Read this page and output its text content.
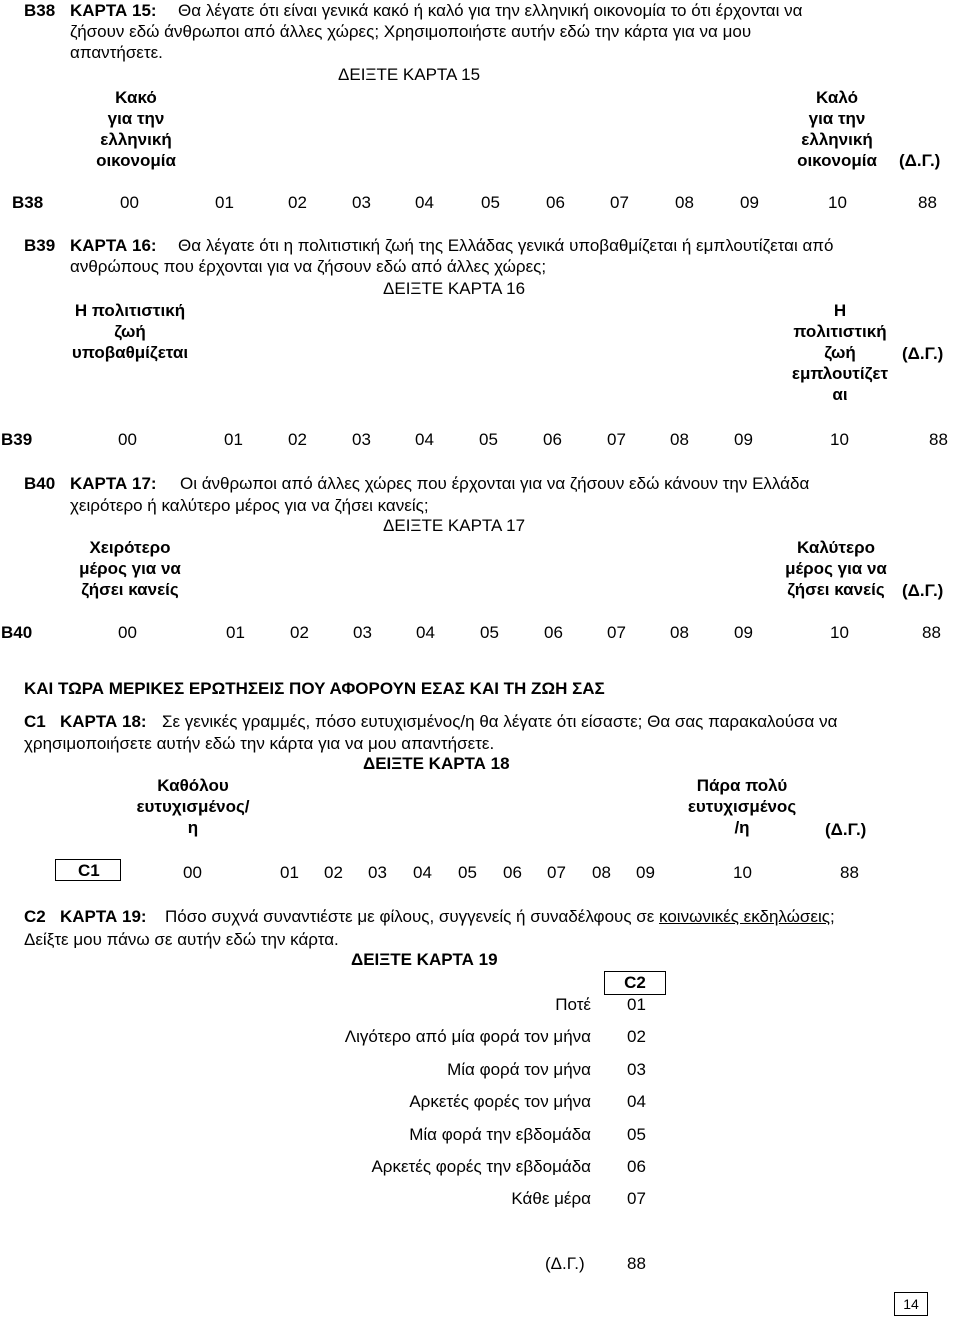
B38 ΚΑΡΤΑ 15: Θα λέγατε ότι είναι γενικά κακό ή καλό για την ελληνική οικονομία το ότι έρχονται να
ζήσουν εδώ άνθρωποι από άλλες χώρες; Χρησιμοποιήστε αυτήν εδώ την κάρτα για να μου
απαντήσετε.
ΔΕΙΞΤΕ ΚΑΡΤΑ 15
Κακό
για την
ελληνική
οικονομία
Καλό
για την
ελληνική
οικονομία	(Δ.Γ.)
B38	00	01	02	03	04	05	06	07	08	09	10	88
B39 ΚΑΡΤΑ 16: Θα λέγατε ότι η πολιτιστική ζωή της Ελλάδας γενικά υποβαθμίζεται ή εμπλουτίζεται από
ανθρώπους που έρχονται για να ζήσουν εδώ από άλλες χώρες;
ΔΕΙΞΤΕ ΚΑΡΤΑ 16
Η πολιτιστική
ζωή
υποβαθμίζεται
Η
πολιτιστική
ζωή
εμπλουτίζετ
αι
(Δ.Γ.)
B39	00	01	02	03	04	05	06	07	08	09	10	88
B40 ΚΑΡΤΑ 17: Οι άνθρωποι από άλλες χώρες που έρχονται για να ζήσουν εδώ κάνουν την Ελλάδα
χειρότερο ή καλύτερο μέρος για να ζήσει κανείς;
ΔΕΙΞΤΕ ΚΑΡΤΑ 17
Χειρότερο
μέρος για να
ζήσει κανείς
Καλύτερο
μέρος για να
ζήσει κανείς	(Δ.Γ.)
B40	00	01	02	03	04	05	06	07	08	09	10	88
ΚΑΙ ΤΩΡΑ ΜΕΡΙΚΕΣ ΕΡΩΤΗΣΕΙΣ ΠΟΥ ΑΦΟΡΟΥΝ ΕΣΑΣ ΚΑΙ ΤΗ ΖΩΗ ΣΑΣ
C1 ΚΑΡΤΑ 18: Σε γενικές γραμμές, πόσο ευτυχισμένος/η θα λέγατε ότι είσαστε; Θα σας παρακαλούσα να
χρησιμοποιήσετε αυτήν εδώ την κάρτα για να μου απαντήσετε.
ΔΕΙΞΤΕ ΚΑΡΤΑ 18
Καθόλου
ευτυχισμένος/
η
Πάρα πολύ
ευτυχισμένος
/η	(Δ.Γ.)
C1	00	01 02 03 04 05 06 07 08 09	10	88
C2 ΚΑΡΤΑ 19: Πόσο συχνά συναντιέστε με φίλους, συγγενείς ή συναδέλφους σε κοινωνικές εκδηλώσεις;
Δείξτε μου πάνω σε αυτήν εδώ την κάρτα.
ΔΕΙΞΤΕ ΚΑΡΤΑ 19
C2
Ποτέ 01
Λιγότερο από μία φορά τον μήνα 02
Μία φορά τον μήνα 03
Αρκετές φορές τον μήνα 04
Μία φορά την εβδομάδα 05
Αρκετές φορές την εβδομάδα 06
Κάθε μέρα 07
(Δ.Γ.) 88
14
